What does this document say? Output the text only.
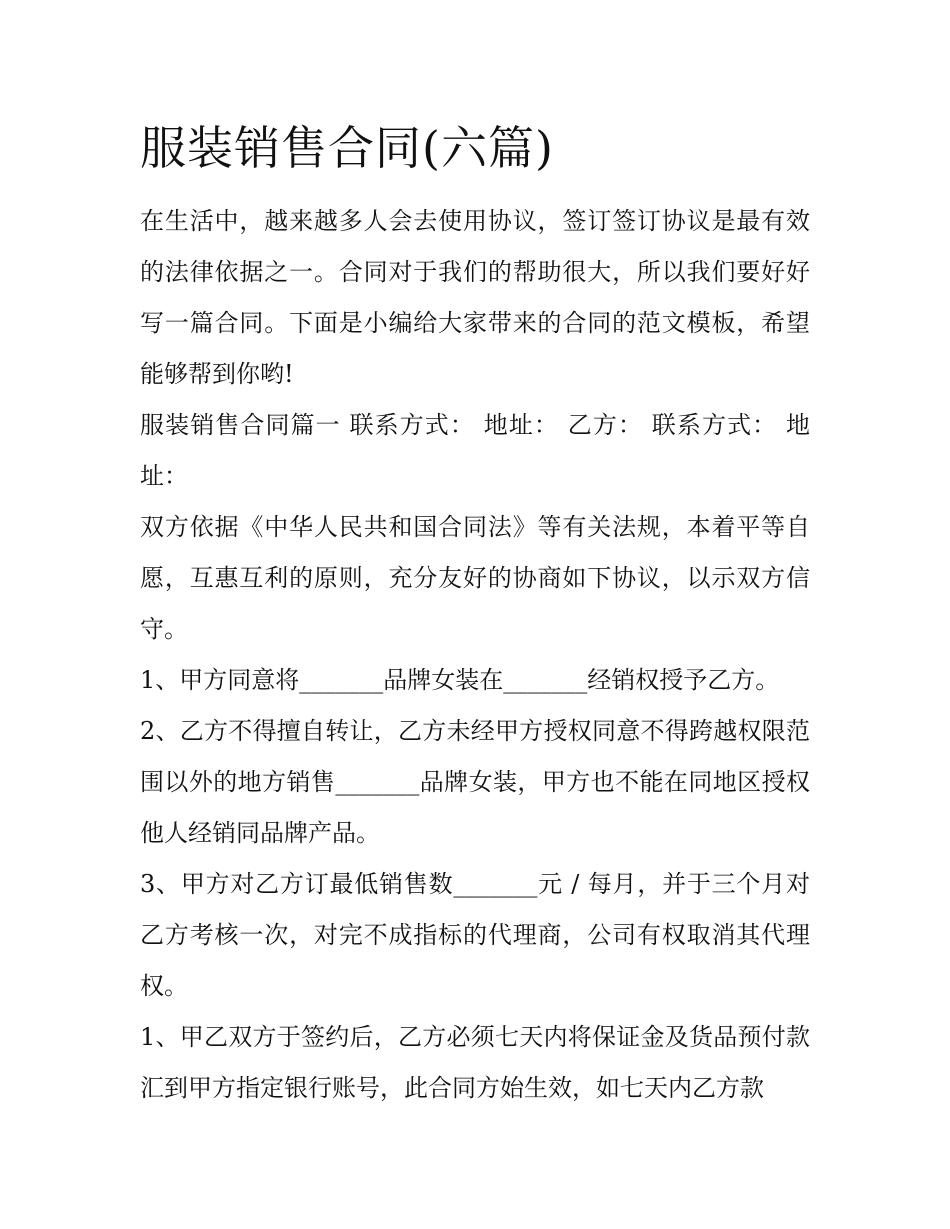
服装销售合同(六篇)

在生活中，越来越多人会去使用协议，签订签订协议是最有效的法律依据之一。合同对于我们的帮助很大，所以我们要好好写一篇合同。下面是小编给大家带来的合同的范文模板，希望能够帮到你哟!

服装销售合同篇一 联系方式： 地址： 乙方： 联系方式： 地址：

双方依据《中华人民共和国合同法》等有关法规，本着平等自愿，互惠互利的原则，充分友好的协商如下协议，以示双方信守。

1、甲方同意将_______品牌女装在_______经销权授予乙方。

2、乙方不得擅自转让，乙方未经甲方授权同意不得跨越权限范围以外的地方销售_______品牌女装，甲方也不能在同地区授权他人经销同品牌产品。

3、甲方对乙方订最低销售数_______元 / 每月，并于三个月对乙方考核一次，对完不成指标的代理商，公司有权取消其代理权。

1、甲乙双方于签约后，乙方必须七天内将保证金及货品预付款汇到甲方指定银行账号，此合同方始生效，如七天内乙方款
